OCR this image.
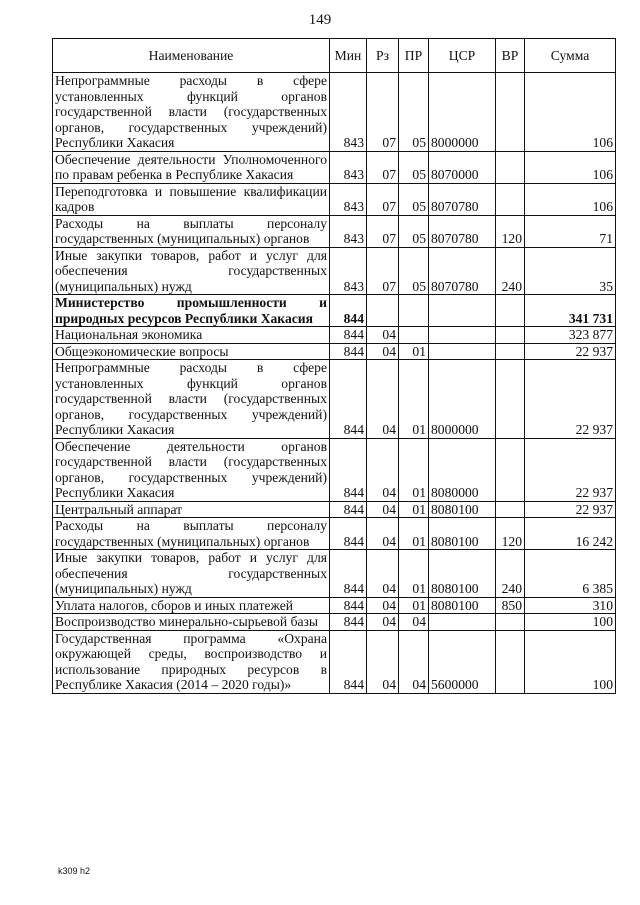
149
Наименование	Мин	Рз	ПР	ЦСР	ВР	Сумма
Непрограммные расходы в сфере установленных функций органов государственной власти (государственных органов, государственных учреждений) Республики Хакасия	843	07	05	8000000		106
Обеспечение деятельности Уполномоченного по правам ребенка в Республике Хакасия	843	07	05	8070000		106
Переподготовка и повышение квалификации кадров	843	07	05	8070780		106
Расходы на выплаты персоналу государственных (муниципальных) органов	843	07	05	8070780	120	71
Иные закупки товаров, работ и услуг для обеспечения государственных (муниципальных) нужд	843	07	05	8070780	240	35
Министерство промышленности и природных ресурсов Республики Хакасия	844					341 731
Национальная экономика	844	04				323 877
Общеэкономические вопросы	844	04	01			22 937
Непрограммные расходы в сфере установленных функций органов государственной власти (государственных органов, государственных учреждений) Республики Хакасия	844	04	01	8000000		22 937
Обеспечение деятельности органов государственной власти (государственных органов, государственных учреждений) Республики Хакасия	844	04	01	8080000		22 937
Центральный аппарат	844	04	01	8080100		22 937
Расходы на выплаты персоналу государственных (муниципальных) органов	844	04	01	8080100	120	16 242
Иные закупки товаров, работ и услуг для обеспечения государственных (муниципальных) нужд	844	04	01	8080100	240	6 385
Уплата налогов, сборов и иных платежей	844	04	01	8080100	850	310
Воспроизводство минерально-сырьевой базы	844	04	04			100
Государственная программа «Охрана окружающей среды, воспроизводство и использование природных ресурсов в Республике Хакасия (2014 – 2020 годы)»	844	04	04	5600000		100
k309 h2
